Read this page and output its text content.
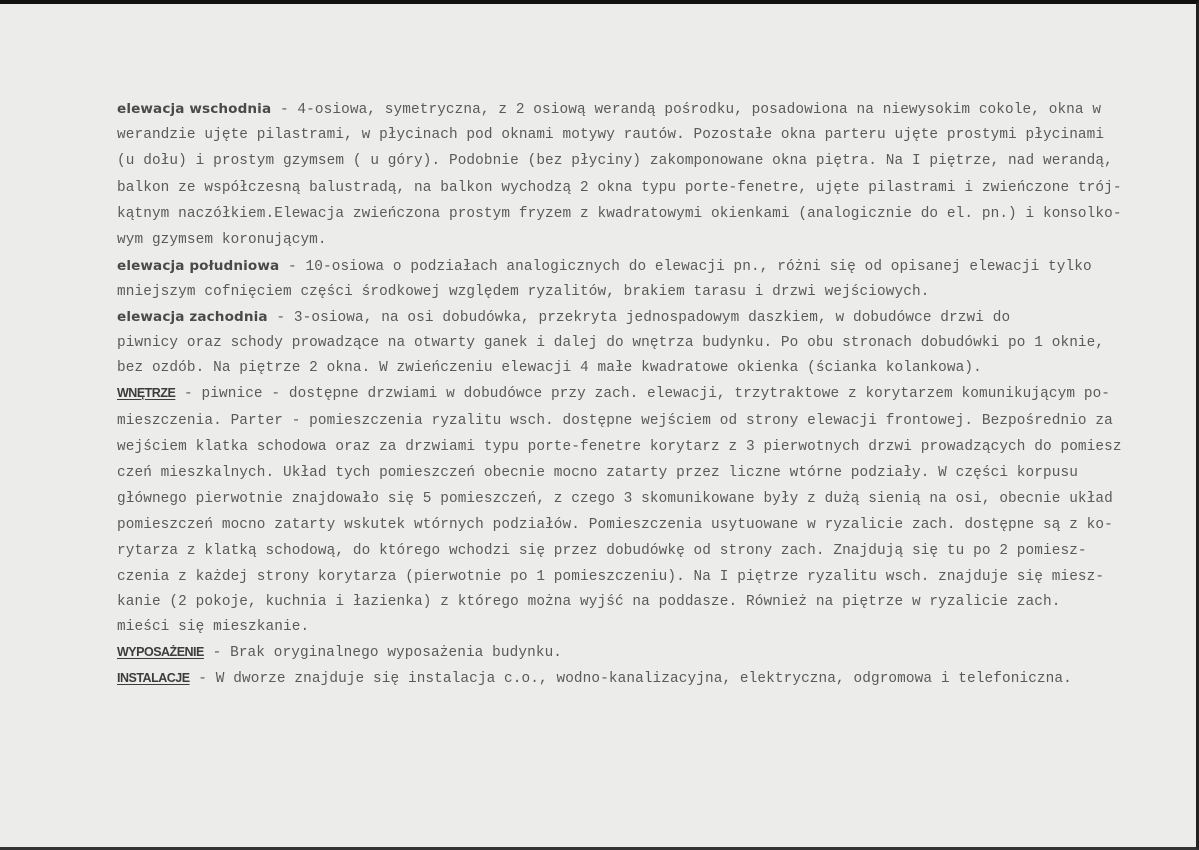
elewacja wschodnia - 4-osiowa, symetryczna, z 2 osiową werandą pośrodku, posadowiona na niewysokim cokole, okna w
werandzie ujęte pilastrami, w płycinach pod oknami motywy rautów. Pozostałe okna parteru ujęte prostymi płycinami
(u dołu) i prostym gzymsem ( u góry). Podobnie (bez płyciny) zakomponowane okna piętra. Na I piętrze, nad werandą,
balkon ze współczesną balustradą, na balkon wychodzą 2 okna typu porte-fenetre, ujęte pilastrami i zwieńczone trój-
kątnym naczółkiem.Elewacja zwieńczona prostym fryzem z kwadratowymi okienkami (analogicznie do el. pn.) i konsolko-
wym gzymsem koronującym.
elewacja południowa - 10-osiowa o podziałach analogicznych do elewacji pn., różni się od opisanej elewacji tylko
mniejszym cofnięciem części środkowej względem ryzalitów, brakiem tarasu i drzwi wejściowych.
elewacja zachodnia - 3-osiowa, na osi dobudówka, przekryta jednospadowym daszkiem, w dobudówce drzwi do
piwnicy oraz schody prowadzące na otwarty ganek i dalej do wnętrza budynku. Po obu stronach dobudówki po 1 oknie,
bez ozdób. Na piętrze 2 okna. W zwieńczeniu elewacji 4 małe kwadratowe okienka (ścianka kolankowa).
WNĘTRZE - piwnice - dostępne drzwiami w dobudówce przy zach. elewacji, trzytraktowe z korytarzem komunikującym po-
mieszczenia. Parter - pomieszczenia ryzalitu wsch. dostępne wejściem od strony elewacji frontowej. Bezpośrednio za
wejściem klatka schodowa oraz za drzwiami typu porte-fenetre korytarz z 3 pierwotnych drzwi prowadzących do pomiesz
czeń mieszkalnych. Układ tych pomieszczeń obecnie mocno zatarty przez liczne wtórne podziały. W części korpusu
głównego pierwotnie znajdowało się 5 pomieszczeń, z czego 3 skomunikowane były z dużą sienią na osi, obecnie układ
pomieszczeń mocno zatarty wskutek wtórnych podziałów. Pomieszczenia usytuowane w ryzalicie zach. dostępne są z ko-
rytarza z klatką schodową, do którego wchodzi się przez dobudówkę od strony zach. Znajdują się tu po 2 pomiesz-
czenia z każdej strony korytarza (pierwotnie po 1 pomieszczeniu). Na I piętrze ryzalitu wsch. znajduje się miesz-
kanie (2 pokoje, kuchnia i łazienka) z którego można wyjść na poddasze. Również na piętrze w ryzalicie zach.
mieści się mieszkanie.
WYPOSAŻENIE - Brak oryginalnego wyposażenia budynku.
INSTALACJE - W dworze znajduje się instalacja c.o., wodno-kanalizacyjna, elektryczna, odgromowa i telefoniczna.
